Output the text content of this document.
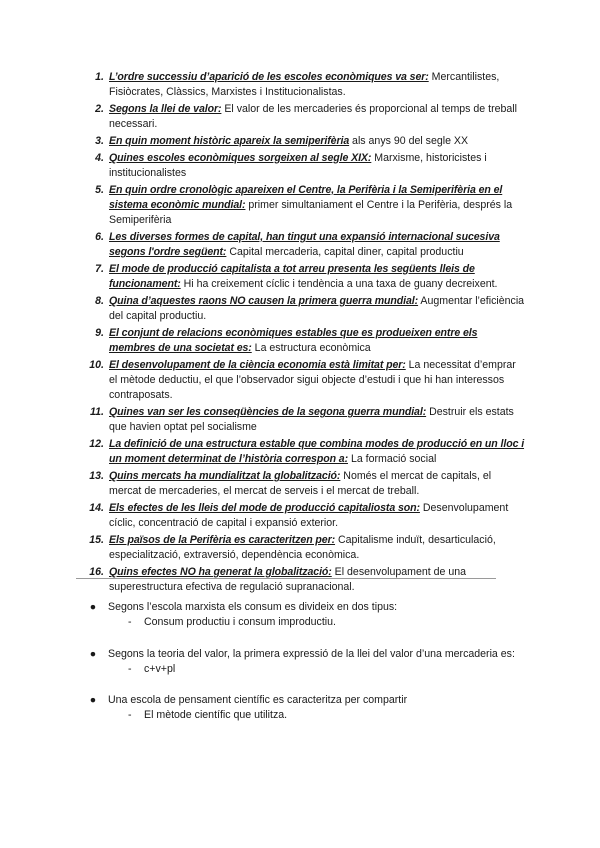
1. L’ordre successiu d’aparició de les escoles econòmiques va ser: Mercantilistes, Fisiòcrates, Clàssics, Marxistes i Institucionalistas.
2. Segons la llei de valor: El valor de les mercaderies és proporcional al temps de treball necessari.
3. En quin moment històric apareix la semiperifèria als anys 90 del segle XX
4. Quines escoles econòmiques sorgeixen al segle XIX: Marxisme, historicistes i institucionalistes
5. En quin ordre cronològic apareixen el Centre, la Perifèria i la Semiperifèria en el sistema econòmic mundial: primer simultaniament el Centre i la Perifèria, després la Semiperifèria
6. Les diverses formes de capital, han tingut una expansió internacional sucesiva segons l'ordre següent: Capital mercaderia, capital diner, capital productiu
7. El mode de producció capitalista a tot arreu presenta les següents lleis de funcionament: Hi ha creixement cíclic i tendència a una taxa de guany decreixent.
8. Quina d’aquestes raons NO causen la primera guerra mundial: Augmentar l’eficiència del capital productiu.
9. El conjunt de relacions econòmiques estables que es produeixen entre els membres de una societat es: La estructura econòmica
10. El desenvolupament de la ciència economia està limitat per: La necessitat d’emprar el mètode deductiu, el que l’observador sigui objecte d’estudi i que hi han interessos contraposats.
11. Quines van ser les conseqüències de la segona guerra mundial: Destruir els estats que havien optat pel socialisme
12. La definició de una estructura estable que combina modes de producció en un lloc i un moment determinat de l’història correspon a: La formació social
13. Quins mercats ha mundialitzat la globalització: Només el mercat de capitals, el mercat de mercaderies, el mercat de serveis i el mercat de treball.
14. Els efectes de les lleis del mode de producció capitaliosta son: Desenvolupament cíclic, concentració de capital i expansió exterior.
15. Els països de la Perifèria es caracteritzen per: Capitalisme induït, desarticulació, especialització, extraversió, dependència econòmica.
16. Quins efectes NO ha generat la globalització: El desenvolupament de una superestructura efectiva de regulació supranacional.
● Segons l’escola marxista els consum es divideix en dos tipus:
- Consum productiu i consum improductiu.
● Segons la teoria del valor, la primera expressió de la llei del valor d’una mercaderia es:
- c+v+pl
● Una escola de pensament científic es caracteritza per compartir
- El mètode científic que utilitza.
